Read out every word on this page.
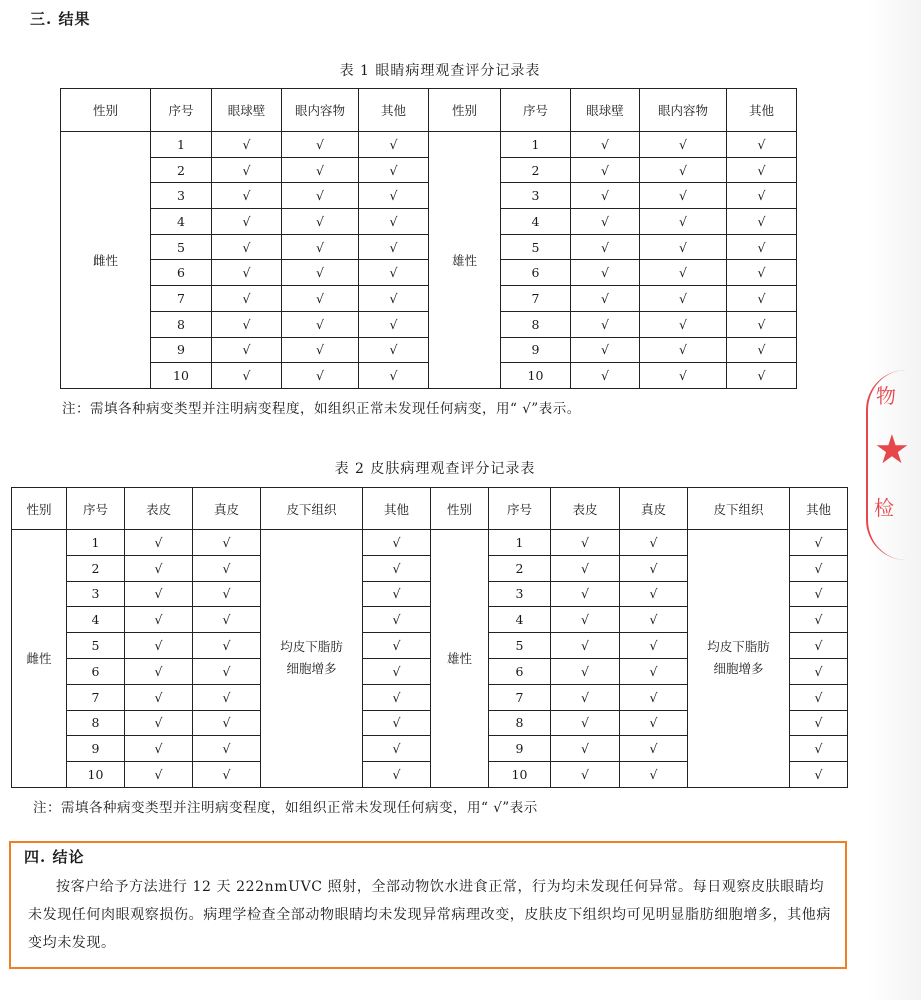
三. 结果
表 1 眼睛病理观查评分记录表
性别	序号	眼球壁	眼内容物	其他	性别	序号	眼球壁	眼内容物	其他
雌性	1	√	√	√	雄性	1	√	√	√
	2	√	√	√		2	√	√	√
	3	√	√	√		3	√	√	√
	4	√	√	√		4	√	√	√
	5	√	√	√		5	√	√	√
	6	√	√	√		6	√	√	√
	7	√	√	√		7	√	√	√
	8	√	√	√		8	√	√	√
	9	√	√	√		9	√	√	√
	10	√	√	√		10	√	√	√
注：需填各种病变类型并注明病变程度，如组织正常未发现任何病变，用“ √”表示。
表 2 皮肤病理观查评分记录表
性别	序号	表皮	真皮	皮下组织	其他	性别	序号	表皮	真皮	皮下组织	其他
雌性	1	√	√	均皮下脂肪细胞增多	√	雄性	1	√	√	均皮下脂肪细胞增多	√
	2	√	√		√		2	√	√		√
	3	√	√		√		3	√	√		√
	4	√	√		√		4	√	√		√
	5	√	√		√		5	√	√		√
	6	√	√		√		6	√	√		√
	7	√	√		√		7	√	√		√
	8	√	√		√		8	√	√		√
	9	√	√		√		9	√	√		√
	10	√	√		√		10	√	√		√
注：需填各种病变类型并注明病变程度，如组织正常未发现任何病变，用“ √”表示
四. 结论
按客户给予方法进行 12 天 222nmUVC 照射，全部动物饮水进食正常，行为均未发现任何异常。每日观察皮肤眼睛均未发现任何肉眼观察损伤。病理学检查全部动物眼睛均未发现异常病理改变，皮肤皮下组织均可见明显脂肪细胞增多，其他病变均未发现。
物
★
检
